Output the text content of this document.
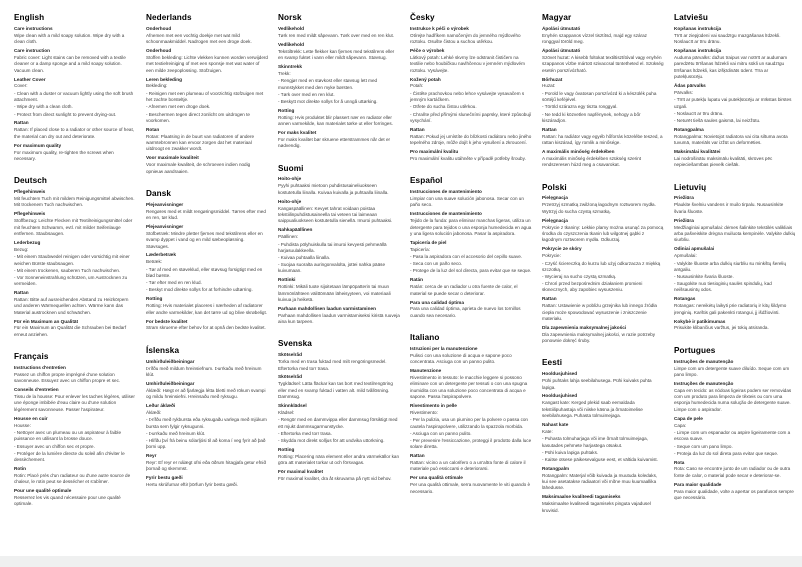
English
Care instructions

Wipe clean with a mild soapy solution. Wipe dry with a clean cloth.

Care instruction

Fabric cover: Light stains can be removed with a textile cleaner or a damp sponge and a mild soapy solution. Vacuum clean.

Leather Cover

Cover:

- Clean with a duster or vacuum lightly using the soft brush attachment.

- Wipe dry with a clean cloth.

- Protect from direct sunlight to prevent drying-out.

Rattan

Rattan: If placed close to a radiator or other source of heat, the material can dry out and deteriorate.

For maximum quality

For maximum quality, re-tighten the screws when necessary.

Deutsch
Pflegehinweis

Mit feuchtem Tuch mit mildem Reinigungsmittel abwischen. Mit trockenem Tuch nachwischen.

Pflegehinweis

Stoffbezug: Leichte Flecken mit Textilreinigungsmittel oder mit feuchtem Schwamm, evtl. mit milder Seifenlauge entfernen. Staubsaugen.

Lederbezug

Bezug:

- Mit einem Staubwedel reinigen oder vorsichtig mit einer weichen Bürste staubsaugen.

- Mit einem trockenen, sauberen Tuch nachwischen.

- Vor Sonneneinstrahlung schützen, um Austrocknen zu vermeiden.

Rattan

Rattan: Bitte auf ausreichenden Abstand zu Heizkörpern und anderen Wärmequellen achten. Wärme kann das Material austrocknen und schwächen.

Für ein Maximum an Qualität

Für ein Maximum an Qualität die Schrauben bei Bedarf erneut anziehen.

Français
Instructions d'entretien

Passez un chiffon propre imprégné d'une solution savonneuse. Essuyez avec un chiffon propre et sec.

Conseils d'entretien

Tissu de la housse: Pour enlever les taches légères, utiliser une éponge imbibée d'eau claire ou d'une solution légèrement savonneuse. Passer l'aspirateur.

Housse en cuir

Housse:

- Nettoyer avec un plumeau ou un aspirateur à faible puissance en utilisant la brosse douce.

- Essuyer avec un chiffon sec et propre.

- Protéger de la lumière directe du soleil afin d'éviter le dessèchement.

Rotin

Rotin: Placé près d'un radiateur ou d'une autre source de chaleur, le rotin peut se dessécher et s'abîmer.

Pour une qualité optimale

Resserrez les vis quand nécessaire pour une qualité optimale.

Nederlands
Onderhoud

Afnemen met een vochtig doekje met wat mild schoonmaakmiddel. Nadrogen met een droge doek.

Onderhoud

Stoffen bekleding: Lichte vlekken kunnen worden verwijderd met textielreiniging of met een sponsje met wat water of een milde zeepoplossing. Stofzuigen.

Leren bekleding

Bekleding:

- Reinigen met een plumeau of voorzichtig stofzuigen met het zachte borsteltje.

- Afnemen met een droge doek.

- Beschermen tegen direct zonlicht om uitdrogen te voorkomen.

Rotan

Rotan: Plaatsing in de buurt van radiatoren of andere warmtebronnen kan ervoor zorgen dat het materiaal uitdroogt en zwakker wordt.

Voor maximale kwaliteit

Voor maximale kwaliteit, de schroeven indien nodig opnieuw aandraaien.

Dansk
Plejeanvisninger

Rengøres med et mildt rengøringsmiddel. Tørres efter med en ren, tør klud.

Plejeanvisninger

Stofbetræk: Mindre pletter fjernes med tekstilrens eller en svamp dyppet i vand og en mild sæbeopløsning. Støvsuges.

Læderbetræk

Betræk:

- Tør af med en støveklud, eller støvsug forsigtigt med en blød børste.

- Tør efter med en ren klud.

- Beskyt mod direkte sollys for at forhindre udtørring.

Rotting

Rotting: Hvis materialet placeres i nærheden af radiatorer eller andre varmekilder, kan det tørre ud og blive skrøbeligt.

For bedste kvalitet

Stram skruerne efter behov for at opnå den bedste kvalitet.

Íslenska
Umhirðuleiðbeiningar

Þrífðu með mildum hreinsiefnum. Þurrkaðu með hreinum klút.

Umhirðuleiðbeiningar

Áklæði: Hægt er að fjarlægja létta bletti með rökum svampi og mildu hreinsiefni. Hreinsaðu með ryksugu.

Leður áklæði

Áklæði:

- Þrífðu með rykbursta eða ryksugaðu varlega með mjúkum bursta sem fylgir ryksugunni.

- Þurrkaðu með hreinum klút.

- Hlífðu því frá beinu sólarljósi til að koma í veg fyrir að það þorni upp.

Reyr

Reyr: Ef reyr er nálægt ofni eða öðrum hitagjafa getur efnið þornað og skemmst.

Fyrir bestu gæði

Hertu skrúfurnar eftir þörfum fyrir bestu gæði.

Norsk
Vedlikehold

Tørk ren med mildt såpevann. Tørk over med en ren klut.

Vedlikehold

Tekstiltrekk: Lette flekker kan fjernes med tekstilrens eller en svamp fuktet i vann eller mildt såpevann. Støvsug.

Skinntrekk

Trekk:

- Rengjør med en støvkost eller støvsug lett med munnstykket med den myke børsten.

- Tørk over med en ren klut.

- Beskytt mot direkte sollys for å unngå uttørking.

Rotting

Rotting: Hvis produktet blir plassert nær en radiator eller annen varmekilde, kan materialet tørke ut eller forringes.

For maks kvalitet

For maks kvalitet bør skruene etterstrammes når det er nødvendig.

Suomi
Hoito-ohje

Pyyhi puhtaaksi mietoon puhdistusaineliuokseen kostutetulla liinalla. Kuivaa kuivalla ja puhtaalla liinalla.

Hoito-ohje

Kangaspäällinen: Kevyet tahrat voidaan poistaa tekstiilinpuhdistusaineella tai veteen tai laimeaan saippualiuokseen kostutetulla sienellä. Imuroi puhtaaksi.

Nahkapäällinen

Päällinen:

- Puhdista pölyhuiskulla tai imuroi kevyesti pehmeällä harjasuulakkeella.

- Kuivaa puhtaalla liinalla.

- Suojaa suoralta auringonvalolta, jottei nahka pääse kuivumaan.

Rottinki

Rottinki: Mikäli tuote sijoitetaan lämpöpatterin tai muun lämmönlähteen välittömään läheisyyteen, voi materiaali kuivua ja heiketä.

Parhaan mahdollisen laadun varmistaminen

Parhaan mahdollisen laadun varmistamiseksi kiristä ruuveja aina kun tarpeen.

Svenska
Skötselråd

Torka med en trasa fuktad med milt rengöringsmedel. Eftertorka med torr trasa.

Skötselråd

Tygklädsel: Lätta fläckar kan tas bort med textilrengöring eller med en svamp fuktad i vatten alt. mild tvållösning. Dammsug.

Skinnklädsel

Klädsel:

- Rengör med en dammvippa eller dammsug försiktigt med ett mjukt dammsugarmunstycke.

- Eftertorka med torr trasa.

- Skydda mot direkt solljus för att undvika uttorkning.

Rotting

Rotting: Placering nära element eller andra värmekällor kan göra att materialet torkar ut och försvagas.

För maximal kvalitet

För maximal kvalitet, dra åt skruvarna på nytt vid behov.

Česky
Instrukce k péči o výrobek

Otírejte hadříkem namočeným do jemného mýdlového roztoku. Osušte čistou a suchou utěrkou.

Péče o výrobek

Látkový potah: Lehké skvrny lze odstranit čističem na textilie nebo houbičkou navlhčenou v jemném mýdlovém roztoku. Vysávejte.

Kožený potah

Potah:

- Čistěte prachovkou nebo lehce vysávejte vysavačem s jemným kartáčkem.

- Otřete do sucha čistou utěrkou.

- Chraňte před přímými slunečními paprsky, které způsobují vysychání.

Rattan

Rattan: Pokud jej umístíte do blízkosti radiátoru nebo jiného tepelného zdroje, může dojít k jeho vysušení a zkroucení.

Pro maximální kvalitu

Pro maximální kvalitu utáhněte v případě potřeby šrouby.

Español
Instrucciones de mantenimiento

Limpiar con una suave solución jabonosa. Secar con un paño seco.

Instrucciones de mantenimiento

Tejido de la funda: para eliminar manchas ligeras, utiliza un detergente para tejidos o una esponja humedecida en agua y una ligera solución jabonosa. Pasar la aspiradora.

Tapicería de piel

Tapicería:

- Pasa la aspiradora con el accesorio del cepillo suave.

- Seca con un paño seco.

- Protege de la luz del sol directa, para evitar que se seque.

Ratán

Ratán: cerca de un radiador u otra fuente de calor, el material se puede secar o deteriorar.

Para una calidad óptima

Para una calidad óptima, aprieta de nuevo los tornillos cuando sea necesario.

Italiano
Istruzioni per la manutenzione

Pulisci con una soluzione di acqua e sapone poco concentrata. Asciuga con un panno pulito.

Manutenzione

Rivestimento in tessuto: le macchie leggere si possono eliminare con un detergente per tessuti o con una spugna inumidita con una soluzione poco concentrata di acqua e sapone. Passa l'aspirapolvere.

Rivestimento in pelle

Rivestimento:

- Per la pulizia, usa un piumino per la polvere o passa con cautela l'aspirapolvere, utilizzando la spazzola morbida.

- Asciuga con un panno pulito.

- Per prevenire l'essiccazione, proteggi il prodotto dalla luce solare diretta.

Rattan

Rattan: vicino a un calorifero o a un'altra fonte di calore il materiale può essiccarsi e deteriorarsi.

Per una qualità ottimale

Per una qualità ottimale, serra nuovamente le viti quando è necessario.

Magyar
Ápolási útmutató

Enyhén szappanos vízzel tisztítsd, majd egy száraz ronggyal töröld meg.

Ápolási útmutató

Szövet huzat: A kisebb foltokat textiltisztítóval vagy enyhén szappanos vízbe mártott szivaccsal tüntetheted el. Szükség esetén porszívózható.

Bőrhuzat

Huzat:

- Porold le vagy óvatosan porszívózd ki a készülék puha sörtéjű keféjével.

- Töröld szárazra egy tiszta ronggyal.

- Ne tedd ki közvetlen napfénynek, nehogy a bőr kiszáradjon.

Rattan

Rattan: ha radiátor vagy egyéb hőforrás közelébe teszed, a rattan kiszárad, így romlik a minősége.

A maximális minőség érdekében

A maximális minőség érdekében szükség szerint rendszeresen húzd meg a csavarokat.

Polski
Pielęgnacja

Przetrzyj szmatką zwilżoną łagodnym roztworem mydła. Wytrzyj do sucha czystą szmatką.

Pielęgnacja

Pokrycie z tkaniny: Lekkie plamy można usunąć za pomocą środka do czyszczenia tkanin lub wilgotnej gąbki z łagodnym roztworem mydła. Odkurzaj.

Pokrycie ze skóry

Pokrycie:

- Czyść ściereczką do kurzu lub użyj odkurzacza z miękką szczotką.

- Wycieraj na sucho czystą szmatką.

- Chroń przed bezpośrednim działaniem promieni słonecznych, aby zapobiec wysuszeniu.

Rattan

Rattan: Ustawienie w pobliżu grzejnika lub innego źródła ciepła może spowodować wysuszenie i zniszczenie materiału.

Dla zapewnienia maksymalnej jakości

Dla zapewnienia maksymalnej jakości, w razie potrzeby ponownie dokręć śruby.

Eesti
Hooldusjuhised

Pühi puhtaks lahja seebilahusega. Pühi kuivaks puhta lapiga.

Hooldusjuhised

Kangast kate: Kerged plekid saab eemaldada tekstiilipuhastaja või niiske käsna ja õrnatoimelise seebilahusega. Puhasta tolmuimejaga.

Nahast kate

Kate:

- Puhasta tolmuharjaga või ime õrnalt tolmuimejaga, kasutades pehmete harjastega otsakut.

- Pühi kuiva lapiga puhtaks.

- Kaitse otsese päikesevalguse eest, et vältida kuivamist.

Rotangpalm

Rotangpalm: Materjal võib kuivada ja muutuda koledaks, kui see asetatakse radiaatori või mõne muu kuumaallika lähedusse.

Maksimaalse kvaliteedi tagamiseks

Maksimaalse kvaliteedi tagamiseks pinguta vajadusel kruvisid.

Latviešu
Kopšanas instrukcija

Tīrīt ar ziepjūdeni vai saudzīgu mazgāšanas līdzekli. Noslaucīt ar tīru drānu.

Kopšanas instrukcija

Auduma pārvalks: dažus traipus var notīrīt ar audumam paredzētu tīrīšanas līdzekli vai mitru sūkli un saudzīgu tīrīšanas līdzekli, kas izšķīdināts ūdenī. Tīra ar putekļusūcēju.

Ādas pārvalks

Pārvalks:

- Tīrīt ar putekļu lupatu vai putekļsūcēju ar mīkstas birstes uzgali.

- Noslaucīt ar tīru drānu.

- Neturēt tiešā saules gaismā, lai neizžūtu.

Rotangpalma

Rotangpalma: Novietojot radiatora vai cita siltuma avota tuvumā, materiāls var izžūt un deformēties.

Maksimālai kvalitātei

Lai nodrošinātu maksimālu kvalitāti, skrūves pēc nepieciešamības pievelk ciešāk.

Lietuvių
Priežiūra

Plaukite švelniu vandens ir muilo tirpalu. Nusausinkite švaria šluoste.

Priežiūra

Medžiaginiai apmušalai: dėmes šalinkite tekstilės valikliais arba pašveiskite drėgna muiluota kempinėle. Valykite dulkių siurbliu.

Odiniai apmušalai

Apmušalai:

- Valykite šluoste arba dulkių siurbliu su minkštų šerelių antgaliu.

- Nusausinkite švaria šluoste.

- Saugokite nuo tiesioginių saulės spindulių, kad neišsausintų odos.

Rotangas

Rotangas: nereikėtų laikyti prie radiatorių ir kitų šildymo įrenginių. Karštis gali pakenkti rotangui, jį išdžiovinti.

Kokybė ir patikimumas

Prisukite klibančius varžtus, jei tokių atsiranda.

Portugues
Instruções de manutenção

Limpe com um detergente suave diluído. Seque com um pano limpo.

Instruções de manutenção

Capa em tecido: as nódoas ligeiras podem ser removidas com um produto para limpeza de têxteis ou com uma esponja humedecida numa solução de detergente suave. Limpe com o aspirador.

Capa de pele

Capa:

- Limpe com um espanador ou aspire ligeiramente com a escova suave.

- Seque com um pano limpo.

- Proteja da luz do sol direta para evitar que seque.

Rota

Rota: Caso se encontre junto de um radiador ou de outra fonte de calor, o material pode secar e deteriorar-se.

Para maior qualidade

Para maior qualidade, volte a apertar os parafusos sempre que necessário.
